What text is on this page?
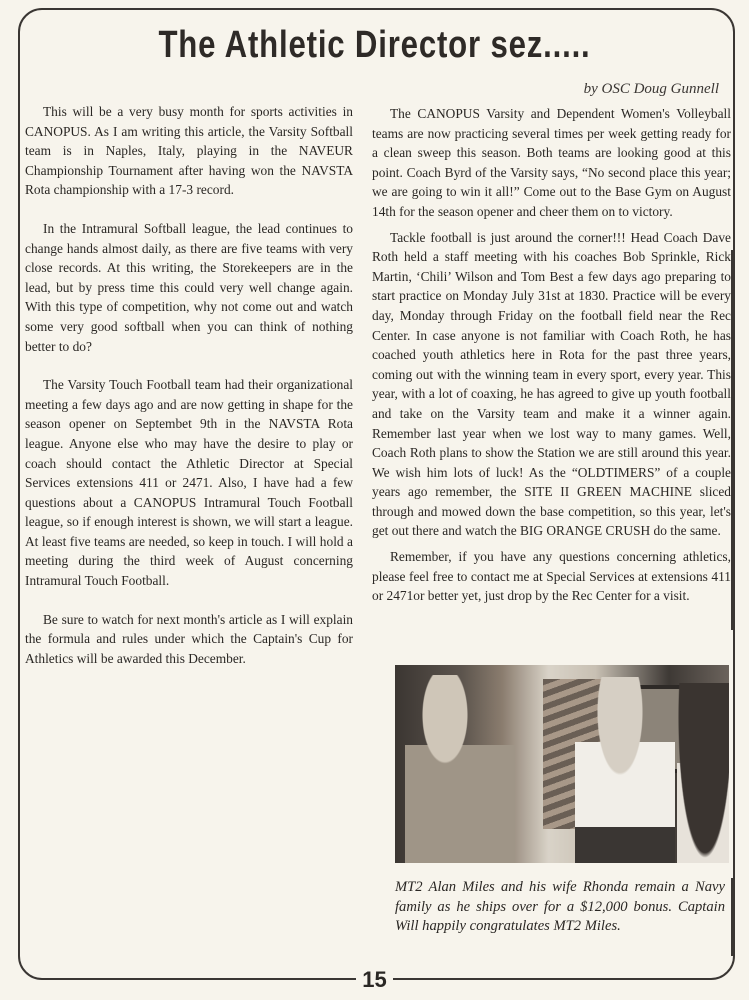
The Athletic Director sez.....
by OSC Doug Gunnell

This will be a very busy month for sports activities in CANOPUS. As I am writing this article, the Varsity Softball team is in Naples, Italy, playing in the NAVEUR Championship Tournament after having won the NAVSTA Rota championship with a 17-3 record.

In the Intramural Softball league, the lead continues to change hands almost daily, as there are five teams with very close records. At this writing, the Storekeepers are in the lead, but by press time this could very well change again. With this type of competition, why not come out and watch some very good softball when you can think of nothing better to do?

The Varsity Touch Football team had their organizational meeting a few days ago and are now getting in shape for the season opener on Septembet 9th in the NAVSTA Rota league. Anyone else who may have the desire to play or coach should contact the Athletic Director at Special Services extensions 411 or 2471. Also, I have had a few questions about a CANOPUS Intramural Touch Football league, so if enough interest is shown, we will start a league. At least five teams are needed, so keep in touch. I will hold a meeting during the third week of August concerning Intramural Touch Football.

Be sure to watch for next month's article as I will explain the formula and rules under which the Captain's Cup for Athletics will be awarded this December.

The CANOPUS Varsity and Dependent Women's Volleyball teams are now practicing several times per week getting ready for a clean sweep this season. Both teams are looking good at this point. Coach Byrd of the Varsity says, “No second place this year; we are going to win it all!” Come out to the Base Gym on August 14th for the season opener and cheer them on to victory.

Tackle football is just around the corner!!! Head Coach Dave Roth held a staff meeting with his coaches Bob Sprinkle, Rick Martin, ‘Chili’ Wilson and Tom Best a few days ago preparing to start practice on Monday July 31st at 1830. Practice will be every day, Monday through Friday on the football field near the Rec Center. In case anyone is not familiar with Coach Roth, he has coached youth athletics here in Rota for the past three years, coming out with the winning team in every sport, every year. This year, with a lot of coaxing, he has agreed to give up youth football and take on the Varsity team and make it a winner again. Remember last year when we lost way to many games. Well, Coach Roth plans to show the Station we are still around this year. We wish him lots of luck! As the “OLDTIMERS” of a couple years ago remember, the SITE II GREEN MACHINE sliced through and mowed down the base competition, so this year, let's get out there and watch the BIG ORANGE CRUSH do the same.

Remember, if you have any questions concerning athletics, please feel free to contact me at Special Services at extensions 411 or 2471or better yet, just drop by the Rec Center for a visit.

MT2 Alan Miles and his wife Rhonda remain a Navy family as he ships over for a $12,000 bonus. Captain Will happily congratulates MT2 Miles.
15
